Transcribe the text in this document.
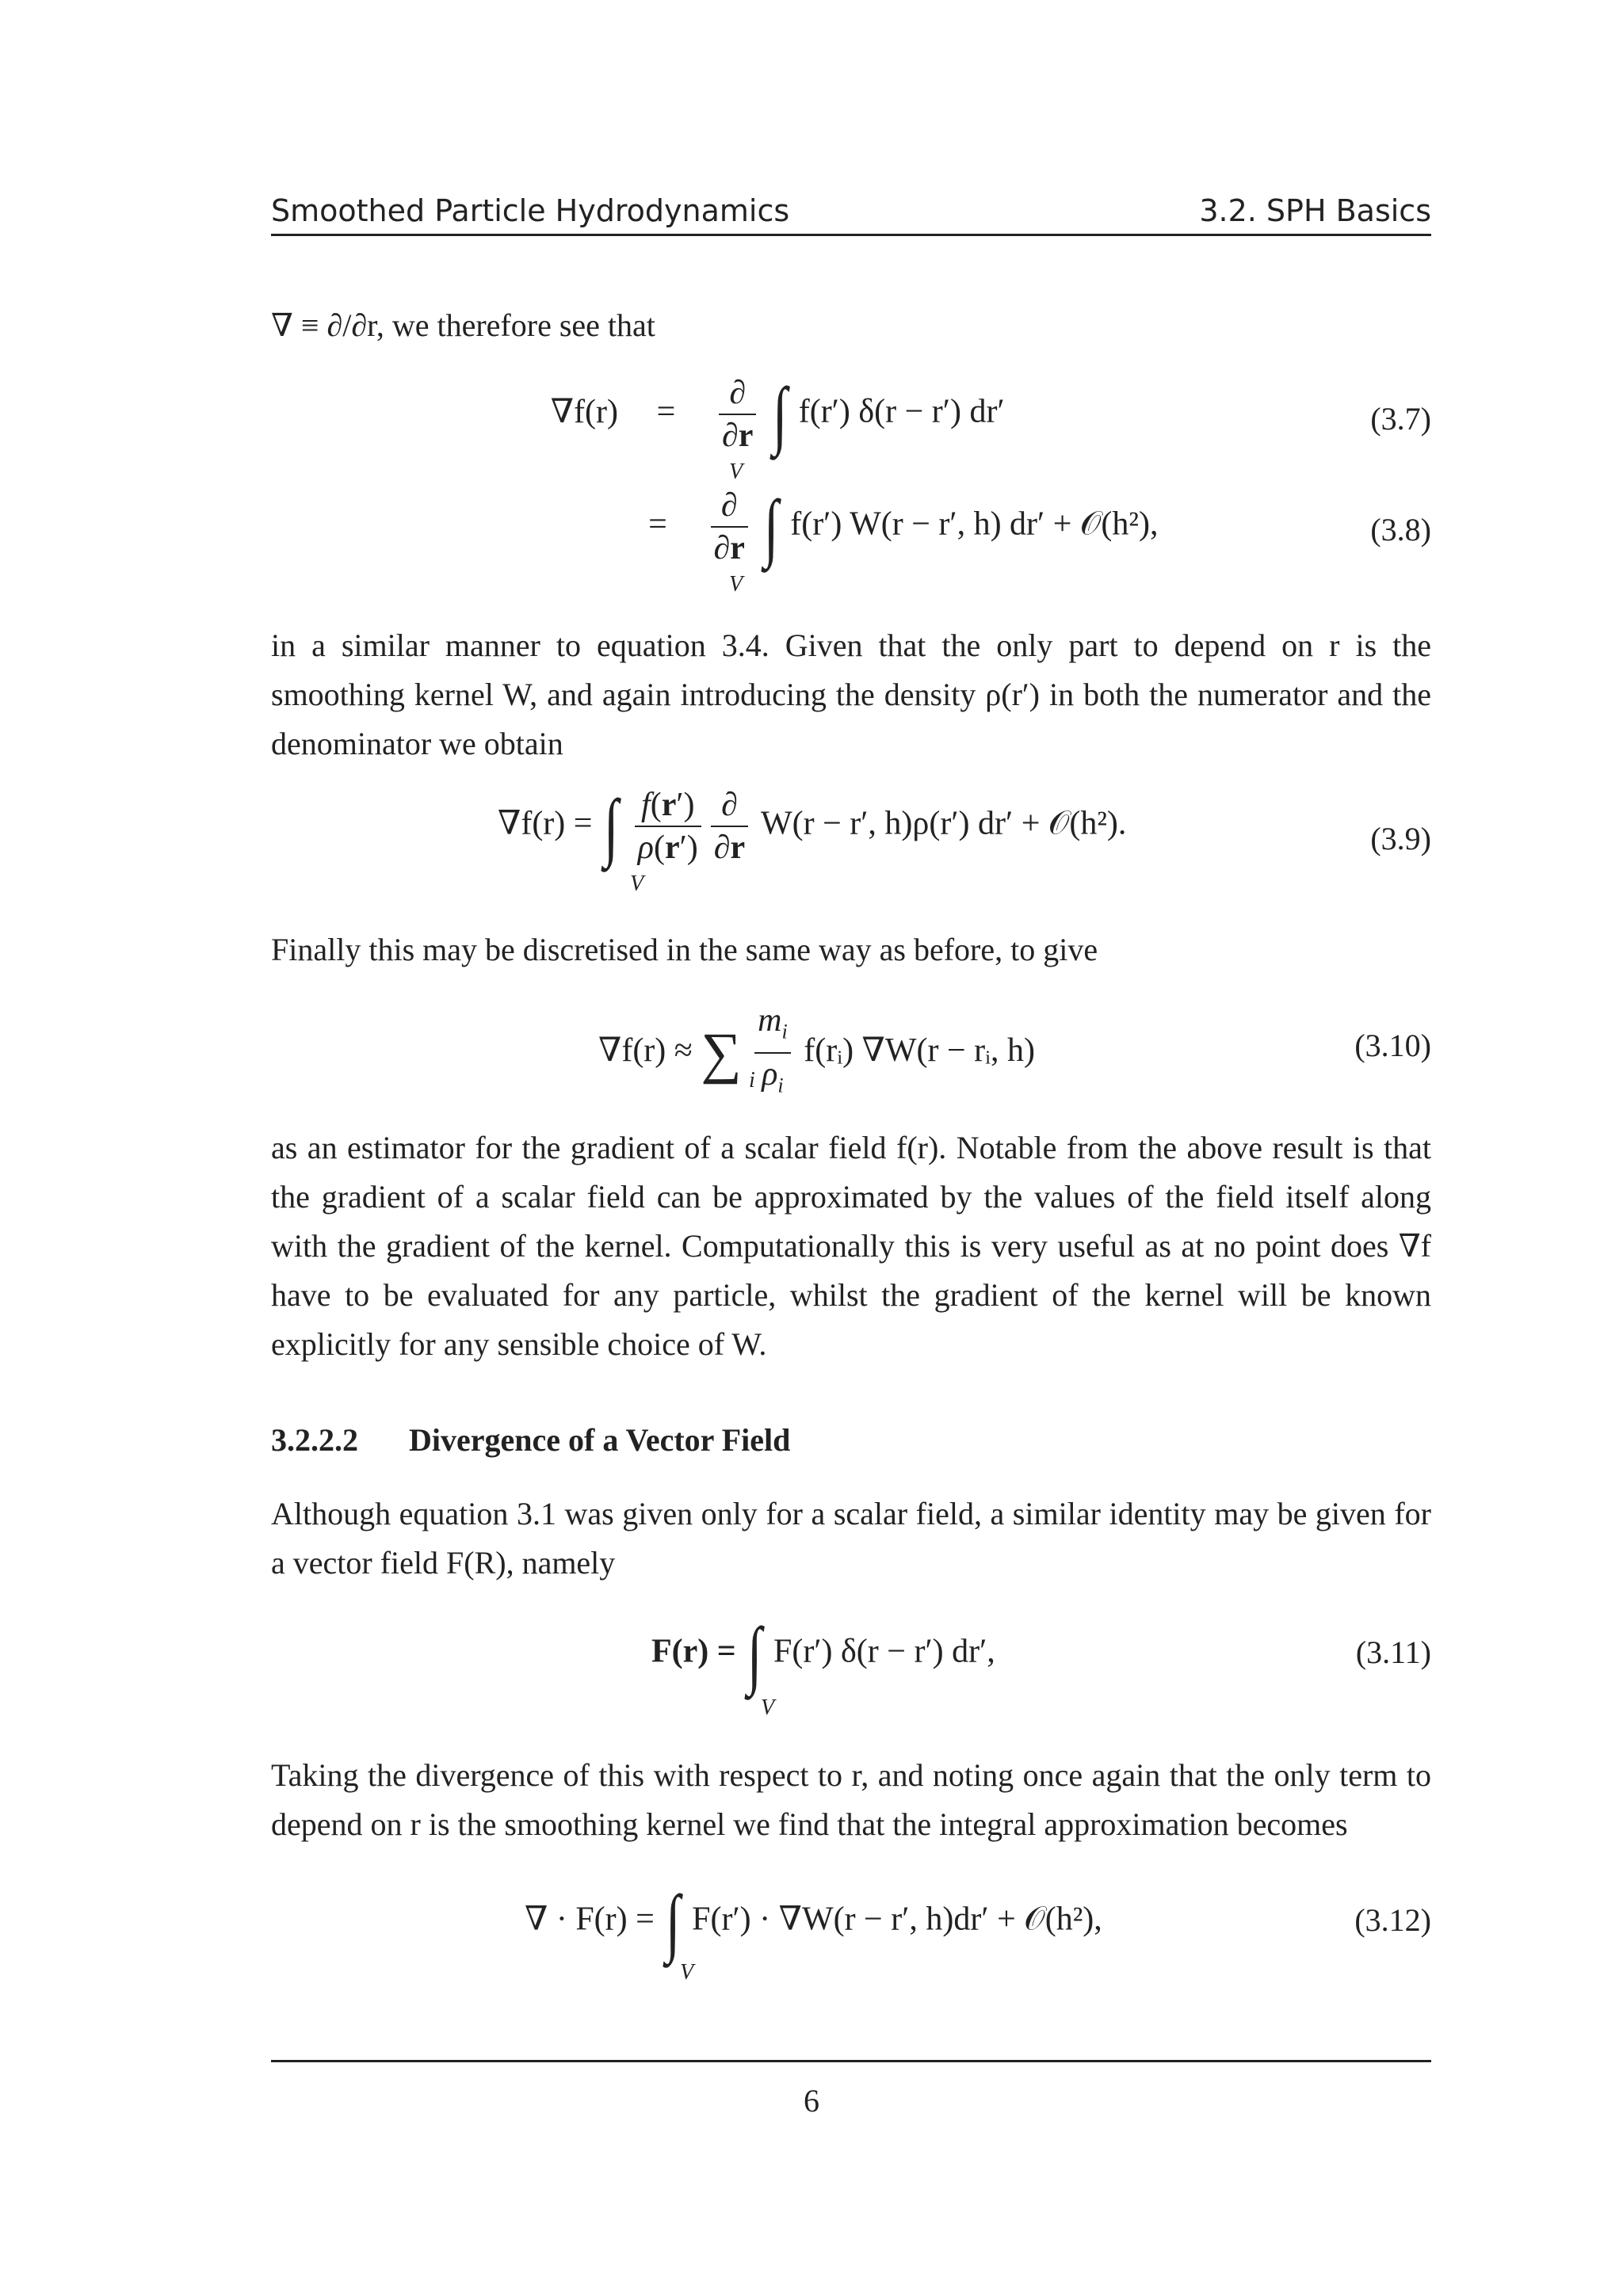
Smoothed Particle Hydrodynamics	3.2. SPH Basics
∇ ≡ ∂/∂r, we therefore see that
$\nabla f(r) = \frac{\partial}{\partial r}$ ∫ f(r′) δ(r − r′) dr′
V
(3.7)
= $\frac{\partial}{\partial r}$ ∫ f(r′) W(r − r′, h) dr′ + 𝒪(h²),
V
(3.8)
in a similar manner to equation 3.4. Given that the only part to depend on r is the smoothing kernel W, and again introducing the density ρ(r′) in both the numerator and the denominator we obtain
∇f(r) = ∫ $\frac{f(r')}{\rho(r')} \frac{\partial}{\partial r} W(r - r'$, h)ρ(r′) dr′ + 𝒪(h²).
V
(3.9)
Finally this may be discretised in the same way as before, to give
∇f(r) ≈ ∑ $\frac{m_i}{\rho_i}$ f(rᵢ) ∇W(r − rᵢ, h)
i
(3.10)
as an estimator for the gradient of a scalar field f(r). Notable from the above result is that the gradient of a scalar field can be approximated by the values of the field itself along with the gradient of the kernel. Computationally this is very useful as at no point does ∇f have to be evaluated for any particle, whilst the gradient of the kernel will be known explicitly for any sensible choice of W.
3.2.2.2 Divergence of a Vector Field
Although equation 3.1 was given only for a scalar field, a similar identity may be given for a vector field F(R), namely
F(r) = ∫ F(r′) δ(r − r′) dr′,
V
(3.11)
Taking the divergence of this with respect to r, and noting once again that the only term to depend on r is the smoothing kernel we find that the integral approximation becomes
∇ · F(r) = ∫ F(r′) · ∇W(r − r′, h)dr′ + 𝒪(h²),
V
(3.12)
6
